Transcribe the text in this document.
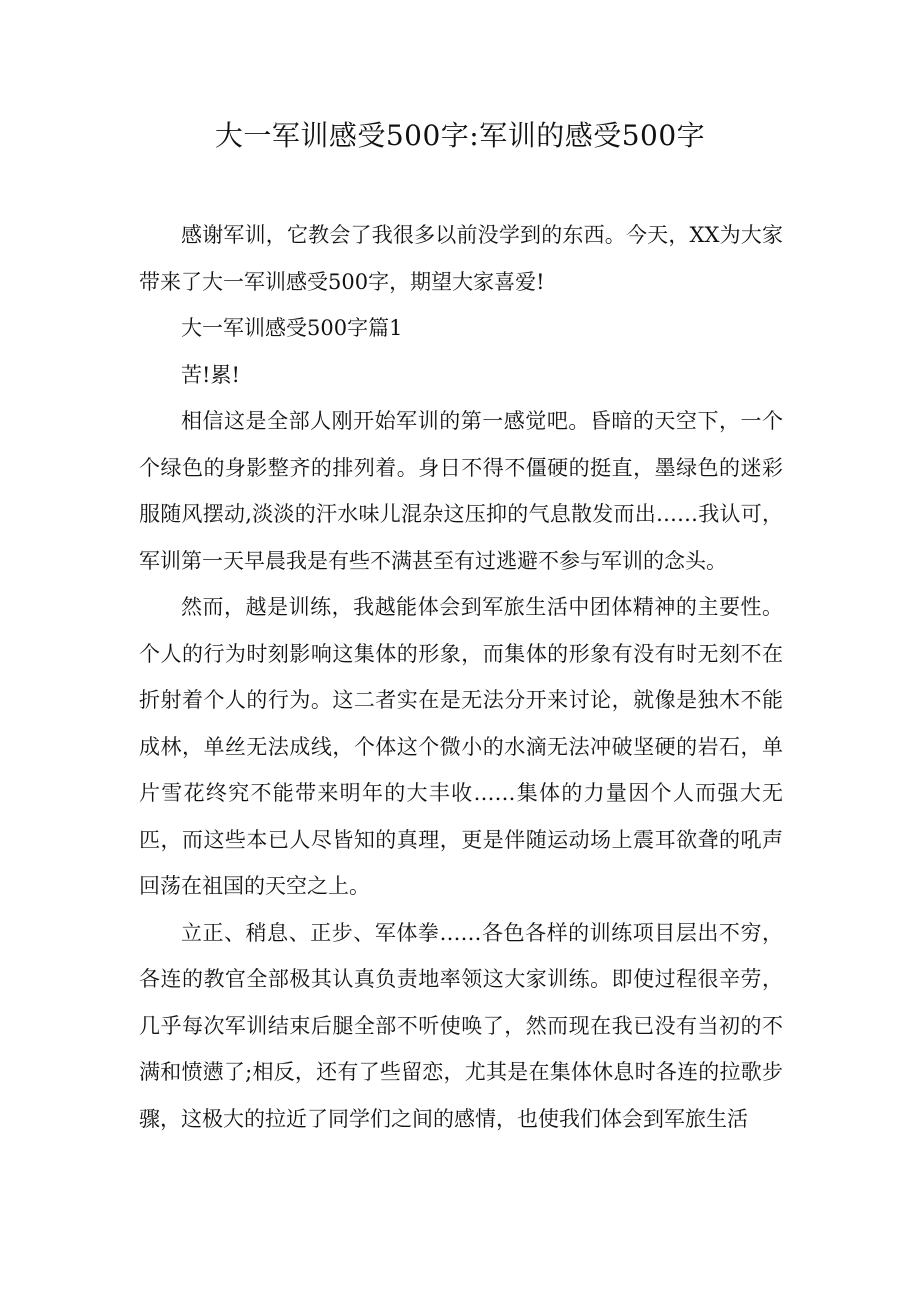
大一军训感受500字:军训的感受500字

感谢军训，它教会了我很多以前没学到的东西。今天，XX为大家带来了大一军训感受500字，期望大家喜爱!

大一军训感受500字篇1

苦!累!

相信这是全部人刚开始军训的第一感觉吧。昏暗的天空下，一个个绿色的身影整齐的排列着。身日不得不僵硬的挺直，墨绿色的迷彩服随风摆动,淡淡的汗水味儿混杂这压抑的气息散发而出……我认可，军训第一天早晨我是有些不满甚至有过逃避不参与军训的念头。

然而，越是训练，我越能体会到军旅生活中团体精神的主要性。个人的行为时刻影响这集体的形象，而集体的形象有没有时无刻不在折射着个人的行为。这二者实在是无法分开来讨论，就像是独木不能成林，单丝无法成线，个体这个微小的水滴无法冲破坚硬的岩石，单片雪花终究不能带来明年的大丰收……集体的力量因个人而强大无匹，而这些本已人尽皆知的真理，更是伴随运动场上震耳欲聋的吼声回荡在祖国的天空之上。

立正、稍息、正步、军体拳……各色各样的训练项目层出不穷，各连的教官全部极其认真负责地率领这大家训练。即使过程很辛劳，几乎每次军训结束后腿全部不听使唤了，然而现在我已没有当初的不满和愤懑了;相反，还有了些留恋，尤其是在集体休息时各连的拉歌步骤，这极大的拉近了同学们之间的感情，也使我们体会到军旅生活
